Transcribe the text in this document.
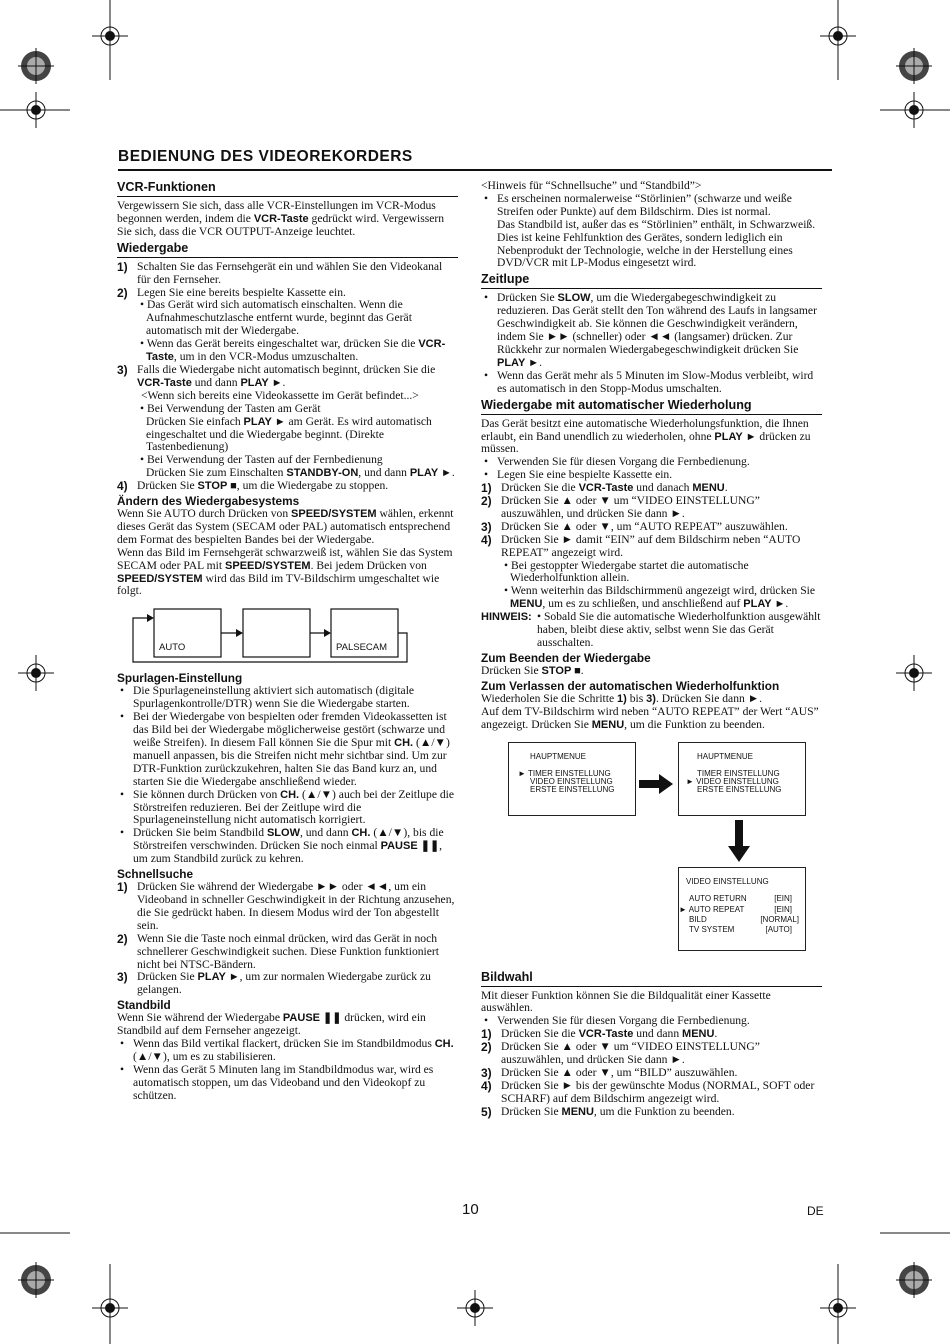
BEDIENUNG DES VIDEOREKORDERS
VCR-Funktionen

Vergewissern Sie sich, dass alle VCR-Einstellungen im VCR-Modus begonnen werden, indem die VCR-Taste gedrückt wird. Vergewissern Sie sich, dass die VCR OUTPUT-Anzeige leuchtet.

Wiedergabe
1) Schalten Sie das Fernsehgerät ein und wählen Sie den Videokanal für den Fernseher.
2) Legen Sie eine bereits bespielte Kassette ein.
• Das Gerät wird sich automatisch einschalten. Wenn die Aufnahmeschutzlasche entfernt wurde, beginnt das Gerät automatisch mit der Wiedergabe.
• Wenn das Gerät bereits eingeschaltet war, drücken Sie die VCR-Taste, um in den VCR-Modus umzuschalten.
3) Falls die Wiedergabe nicht automatisch beginnt, drücken Sie die VCR-Taste und dann PLAY ►.
<Wenn sich bereits eine Videokassette im Gerät befindet...>
• Bei Verwendung der Tasten am Gerät
Drücken Sie einfach PLAY ► am Gerät. Es wird automatisch eingeschaltet und die Wiedergabe beginnt. (Direkte Tastenbedienung)
• Bei Verwendung der Tasten auf der Fernbedienung
Drücken Sie zum Einschalten STANDBY-ON, und dann PLAY ►.
4) Drücken Sie STOP ■, um die Wiedergabe zu stoppen.
Ändern des Wiedergabesystems

Wenn Sie AUTO durch Drücken von SPEED/SYSTEM wählen, erkennt dieses Gerät das System (SECAM oder PAL) automatisch entsprechend dem Format des bespielten Bandes bei der Wiedergabe.

Wenn das Bild im Fernsehgerät schwarzweiß ist, wählen Sie das System SECAM oder PAL mit SPEED/SYSTEM. Bei jedem Drücken von SPEED/SYSTEM wird das Bild im TV-Bildschirm umgeschaltet wie folgt.

AUTO	PALSECAM
Spurlagen-Einstellung
• Die Spurlageneinstellung aktiviert sich automatisch (digitale Spurlagenkontrolle/DTR) wenn Sie die Wiedergabe starten.
• Bei der Wiedergabe von bespielten oder fremden Videokassetten ist das Bild bei der Wiedergabe möglicherweise gestört (schwarze und weiße Streifen). In diesem Fall können Sie die Spur mit CH. (▲/▼) manuell anpassen, bis die Streifen nicht mehr sichtbar sind. Um zur DTR-Funktion zurückzukehren, halten Sie das Band kurz an, und starten Sie die Wiedergabe anschließend wieder.
• Sie können durch Drücken von CH. (▲/▼) auch bei der Zeitlupe die Störstreifen reduzieren. Bei der Zeitlupe wird die Spurlageneinstellung nicht automatisch korrigiert.
• Drücken Sie beim Standbild SLOW, und dann CH. (▲/▼), bis die Störstreifen verschwinden. Drücken Sie noch einmal PAUSE ❚❚, um zum Standbild zurück zu kehren.
Schnellsuche
1) Drücken Sie während der Wiedergabe ►► oder ◄◄, um ein Videoband in schneller Geschwindigkeit in der Richtung anzusehen, die Sie gedrückt haben. In diesem Modus wird der Ton abgestellt sein.
2) Wenn Sie die Taste noch einmal drücken, wird das Gerät in noch schnellerer Geschwindigkeit suchen. Diese Funktion funktioniert nicht bei NTSC-Bändern.
3) Drücken Sie PLAY ►, um zur normalen Wiedergabe zurück zu gelangen.
Standbild

Wenn Sie während der Wiedergabe PAUSE ❚❚ drücken, wird ein Standbild auf dem Fernseher angezeigt.

• Wenn das Bild vertikal flackert, drücken Sie im Standbildmodus CH. (▲/▼), um es zu stabilisieren.
• Wenn das Gerät 5 Minuten lang im Standbildmodus war, wird es automatisch stoppen, um das Videoband und den Videokopf zu schützen.

<Hinweis für “Schnellsuche” und “Standbild”>

• Es erscheinen normalerweise “Störlinien” (schwarze und weiße Streifen oder Punkte) auf dem Bildschirm. Dies ist normal.
Das Standbild ist, außer das es “Störlinien” enthält, in Schwarzweiß.
Dies ist keine Fehlfunktion des Gerätes, sondern lediglich ein Nebenprodukt der Technologie, welche in der Herstellung eines DVD/VCR mit LP-Modus eingesetzt wird.
Zeitlupe
• Drücken Sie SLOW, um die Wiedergabegeschwindigkeit zu reduzieren. Das Gerät stellt den Ton während des Laufs in langsamer Geschwindigkeit ab. Sie können die Geschwindigkeit verändern, indem Sie ►► (schneller) oder ◄◄ (langsamer) drücken. Zur Rückkehr zur normalen Wiedergabegeschwindigkeit drücken Sie PLAY ►.
• Wenn das Gerät mehr als 5 Minuten im Slow-Modus verbleibt, wird es automatisch in den Stopp-Modus umschalten.
Wiedergabe mit automatischer Wiederholung

Das Gerät besitzt eine automatische Wiederholungsfunktion, die Ihnen erlaubt, ein Band unendlich zu wiederholen, ohne PLAY ► drücken zu müssen.

• Verwenden Sie für diesen Vorgang die Fernbedienung.
• Legen Sie eine bespielte Kassette ein.
1) Drücken Sie die VCR-Taste und danach MENU.
2) Drücken Sie ▲ oder ▼ um “VIDEO EINSTELLUNG” auszuwählen, und drücken Sie dann ►.
3) Drücken Sie ▲ oder ▼, um “AUTO REPEAT” auszuwählen.
4) Drücken Sie ► damit “EIN” auf dem Bildschirm neben “AUTO REPEAT” angezeigt wird.
• Bei gestoppter Wiedergabe startet die automatische Wiederholfunktion allein.
• Wenn weiterhin das Bildschirmmenü angezeigt wird, drücken Sie MENU, um es zu schließen, und anschließend auf PLAY ►.
HINWEIS: • Sobald Sie die automatische Wiederholfunktion ausgewählt haben, bleibt diese aktiv, selbst wenn Sie das Gerät ausschalten.
Zum Beenden der Wiedergabe

Drücken Sie STOP ■.

Zum Verlassen der automatischen Wiederholfunktion

Wiederholen Sie die Schritte 1) bis 3). Drücken Sie dann ►.

Auf dem TV-Bildschirm wird neben “AUTO REPEAT” der Wert “AUS” angezeigt. Drücken Sie MENU, um die Funktion zu beenden.

HAUPTMENUE
► TIMER EINSTELLUNG
VIDEO EINSTELLUNG
ERSTE EINSTELLUNG
HAUPTMENUE
TIMER EINSTELLUNG
► VIDEO EINSTELLUNG
ERSTE EINSTELLUNG
VIDEO EINSTELLUNG
AUTO RETURN	[EIN]
► AUTO REPEAT	[EIN]
BILD	[NORMAL]
TV SYSTEM	[AUTO]
Bildwahl

Mit dieser Funktion können Sie die Bildqualität einer Kassette auswählen.

• Verwenden Sie für diesen Vorgang die Fernbedienung.
1) Drücken Sie die VCR-Taste und dann MENU.
2) Drücken Sie ▲ oder ▼ um “VIDEO EINSTELLUNG” auszuwählen, und drücken Sie dann ►.
3) Drücken Sie ▲ oder ▼, um “BILD” auszuwählen.
4) Drücken Sie ► bis der gewünschte Modus (NORMAL, SOFT oder SCHARF) auf dem Bildschirm angezeigt wird.
5) Drücken Sie MENU, um die Funktion zu beenden.
10	DE
